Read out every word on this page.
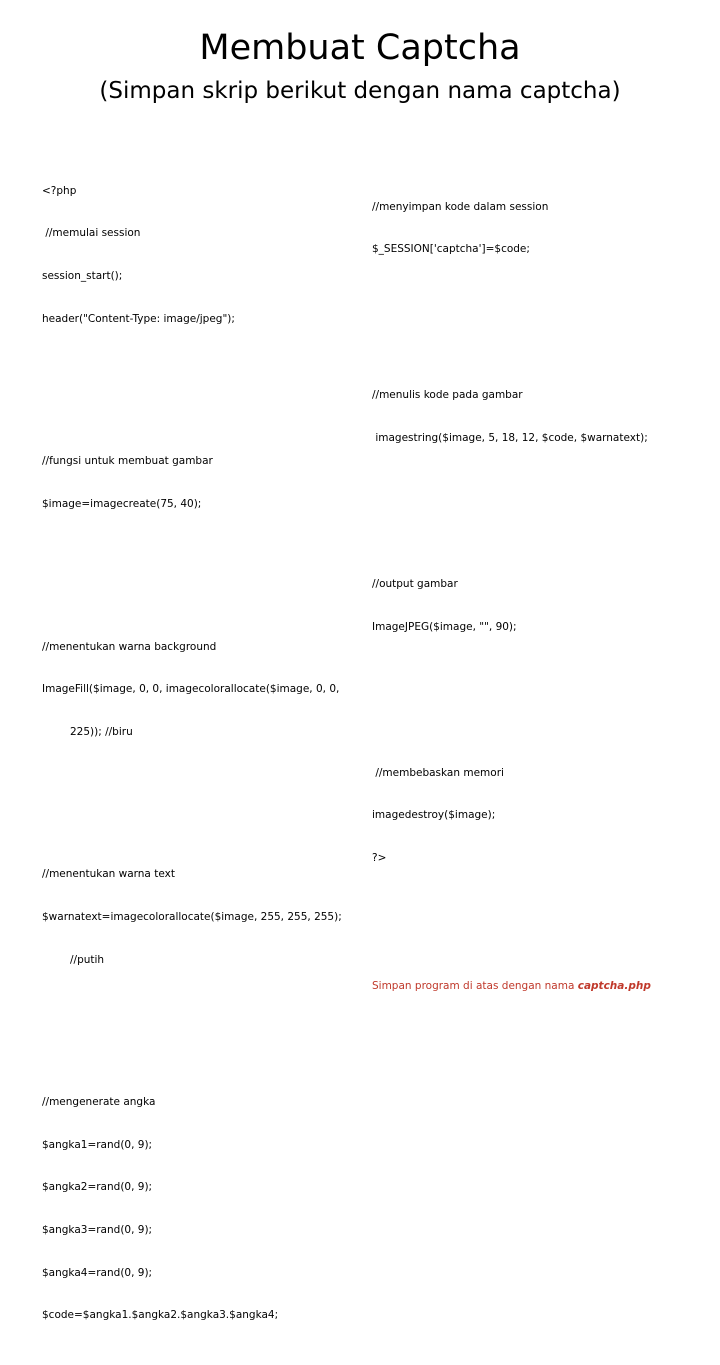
Membuat Captcha
(Simpan skrip berikut dengan nama captcha)

<?php

//memulai session

session_start();

header("Content-Type: image/jpeg");

//fungsi untuk membuat gambar

$image=imagecreate(75, 40);

//menentukan warna background

ImageFill($image, 0, 0, imagecolorallocate($image, 0, 0,

225)); //biru

//menentukan warna text

$warnatext=imagecolorallocate($image, 255, 255, 255);

//putih

//mengenerate angka

$angka1=rand(0, 9);

$angka2=rand(0, 9);

$angka3=rand(0, 9);

$angka4=rand(0, 9);

$code=$angka1.$angka2.$angka3.$angka4;

//menyimpan kode dalam session

$_SESSION['captcha']=$code;

//menulis kode pada gambar

imagestring($image, 5, 18, 12, $code, $warnatext);

//output gambar

ImageJPEG($image, "", 90);

//membebaskan memori

imagedestroy($image);

?>

Simpan program di atas dengan nama captcha.php
